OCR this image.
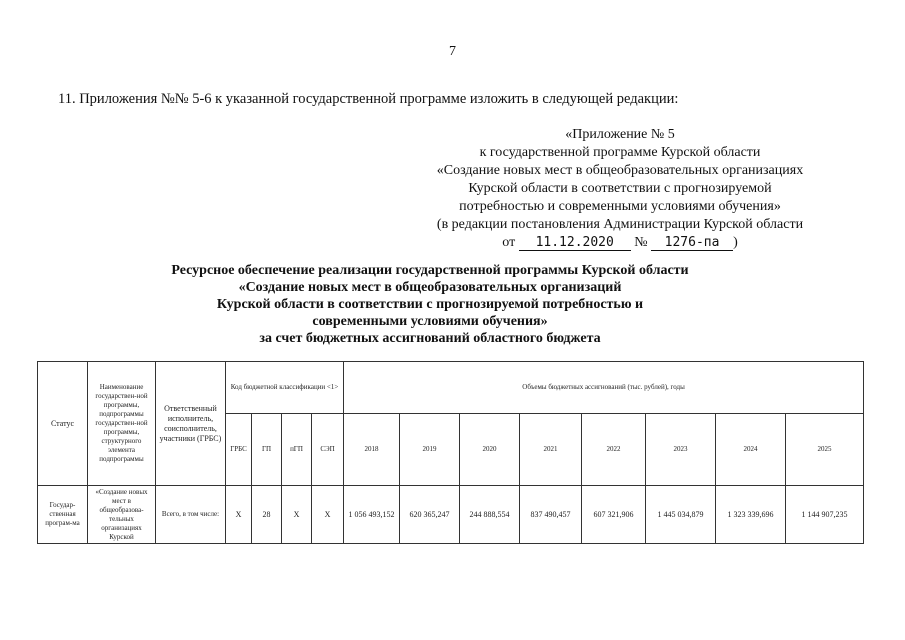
7
11. Приложения №№ 5-6 к указанной государственной программе изложить в следующей редакции:
«Приложение № 5
к государственной программе Курской области
«Создание новых мест в общеобразовательных организациях
Курской области в соответствии с прогнозируемой
потребностью и современными условиями обучения»
(в редакции постановления Администрации Курской области
от 11.12.2020 № 1276-па )
Ресурсное обеспечение реализации государственной программы Курской области
«Создание новых мест в общеобразовательных организаций
Курской области в соответствии с прогнозируемой потребностью и
современными условиями обучения»
за счет бюджетных ассигнований областного бюджета
Статус	Наименование государствен-ной программы, подпрограммы государствен-ной программы, структурного элемента подпрограммы	Ответственный исполнитель, соисполнитель, участники (ГРБС)	Код бюджетной классификации <1>				Объемы бюджетных ассигнований (тыс. рублей), годы							
			ГРБС	ГП	пГП	СЭП	2018	2019	2020	2021	2022	2023	2024	2025
Государ-ственная програм-ма	«Создание новых мест в общеобразова-тельных организациях Курской	Всего, в том числе:	Х	28	Х	Х	1 056 493,152	620 365,247	244 888,554	837 490,457	607 321,906	1 445 034,879	1 323 339,696	1 144 907,235
